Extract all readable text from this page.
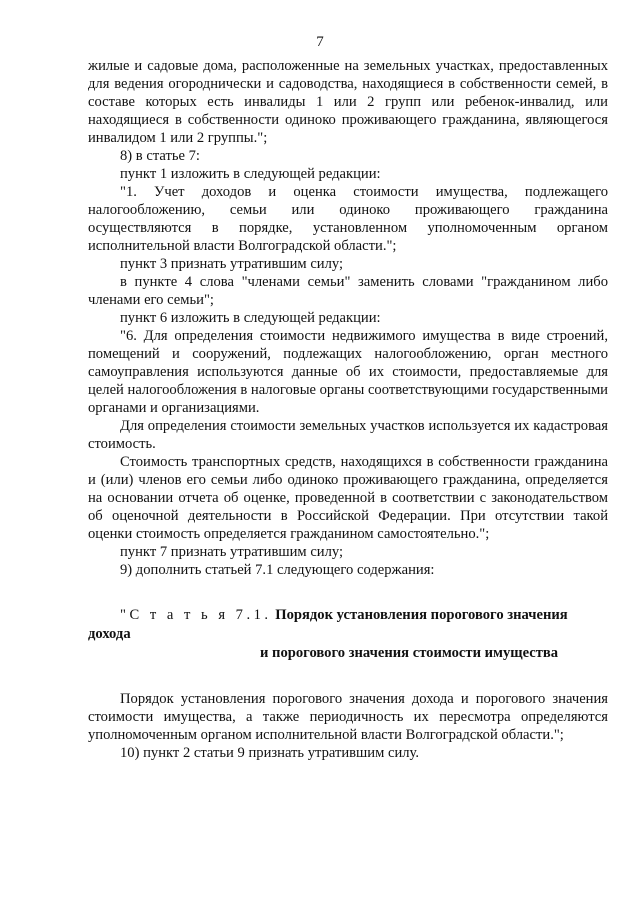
7

жилые и садовые дома, расположенные на земельных участках, предоставленных для ведения огороднически и садоводства, находящиеся в собственности семей, в составе которых есть инвалиды 1 или 2 групп или ребенок-инвалид, или находящиеся в собственности одиноко проживающего гражданина, являющегося инвалидом 1 или 2 группы.";

8) в статье 7:

пункт 1 изложить в следующей редакции:

"1. Учет доходов и оценка стоимости имущества, подлежащего налогообложению, семьи или одиноко проживающего гражданина осуществляются в порядке, установленном уполномоченным органом исполнительной власти Волгоградской области.";

пункт 3 признать утратившим силу;

в пункте 4 слова "членами семьи" заменить словами "гражданином либо членами его семьи";

пункт 6 изложить в следующей редакции:

"6. Для определения стоимости недвижимого имущества в виде строений, помещений и сооружений, подлежащих налогообложению, орган местного самоуправления используются данные об их стоимости, предоставляемые для целей налогообложения в налоговые органы соответствующими государственными органами и организациями.

Для определения стоимости земельных участков используется их кадастровая стоимость.

Стоимость транспортных средств, находящихся в собственности гражданина и (или) членов его семьи либо одиноко проживающего гражданина, определяется на основании отчета об оценке, проведенной в соответствии с законодательством об оценочной деятельности в Российской Федерации. При отсутствии такой оценки стоимость определяется гражданином самостоятельно.";

пункт 7 признать утратившим силу;

9) дополнить статьей 7.1 следующего содержания:

"С т а т ь я 7.1. Порядок установления порогового значения дохода
и порогового значения стоимости имущества

Порядок установления порогового значения дохода и порогового значения стоимости имущества, а также периодичность их пересмотра определяются уполномоченным органом исполнительной власти Волгоградской области.";

10) пункт 2 статьи 9 признать утратившим силу.
